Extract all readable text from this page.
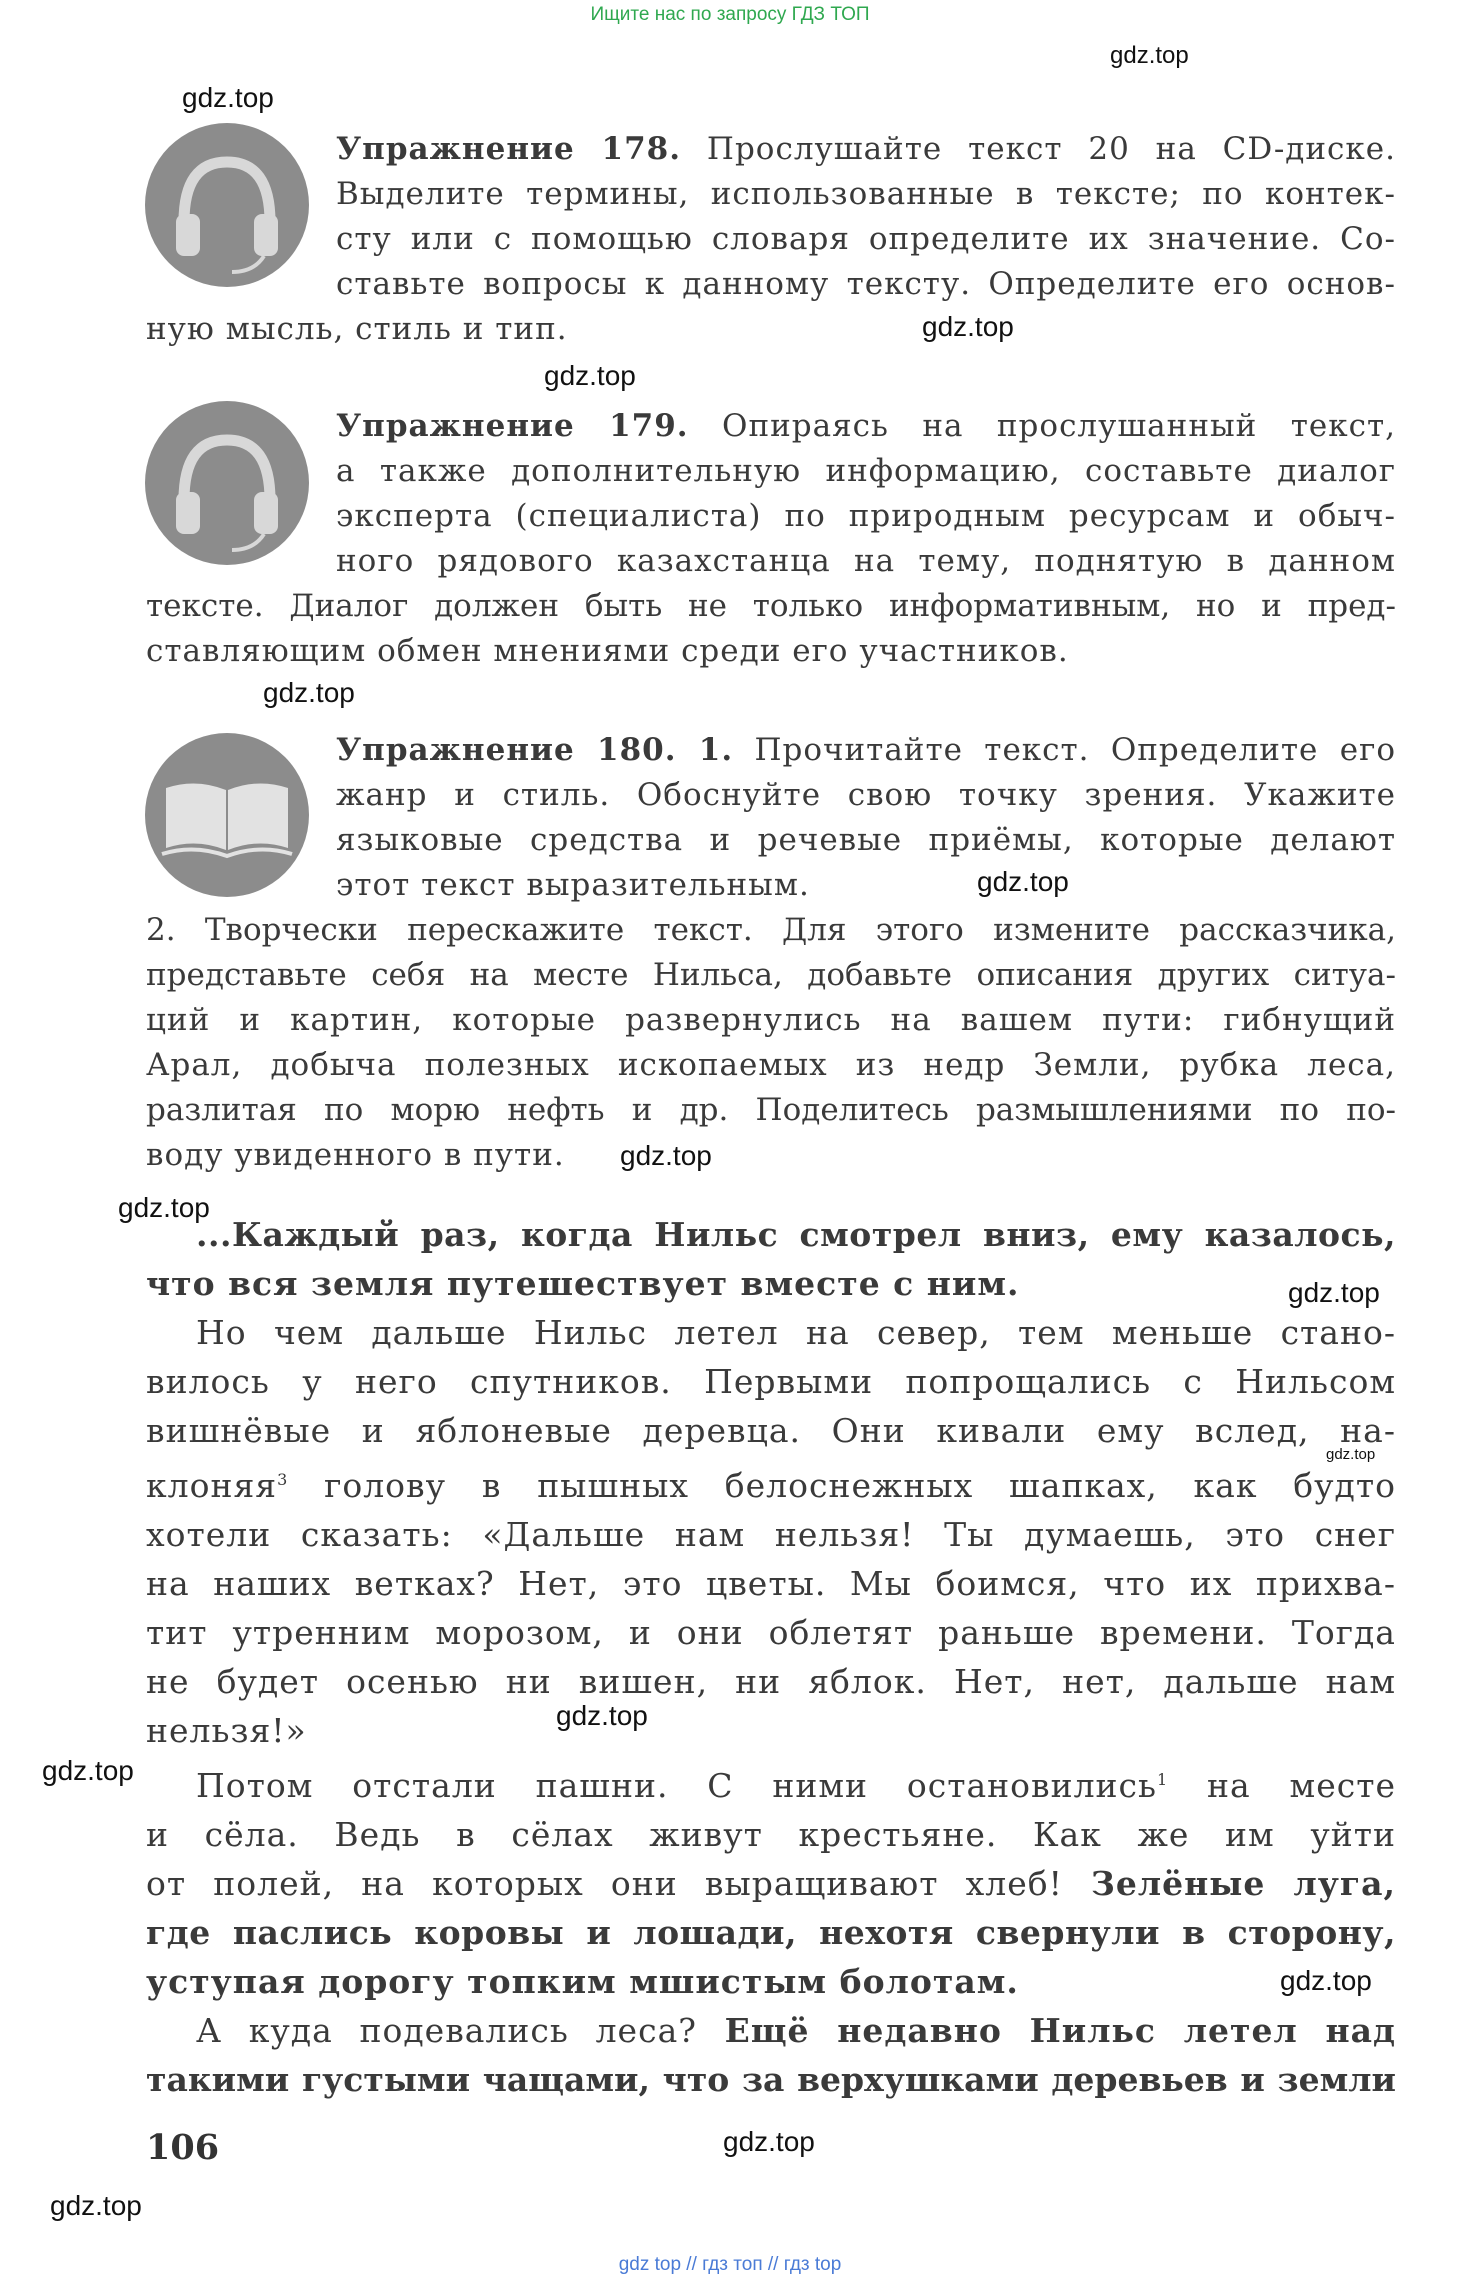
Ищите нас по запросу ГДЗ ТОП
gdz.top
gdz.top
gdz.top
gdz.top
gdz.top
gdz.top
gdz.top
gdz.top
gdz.top
gdz.top
gdz.top
gdz.top
gdz.top
gdz.top
gdz.top
Упражнение 178. Прослушайте текст 20 на CD-диске.
Выделите термины, использованные в тексте; по контек-
сту или с помощью словаря определите их значение. Со-
ставьте вопросы к данному тексту. Определите его основ-
ную мысль, стиль и тип.
Упражнение 179. Опираясь на прослушанный текст,
а также дополнительную информацию, составьте диалог
эксперта (специалиста) по природным ресурсам и обыч-
ного рядового казахстанца на тему, поднятую в данном
тексте. Диалог должен быть не только информативным, но и пред-
ставляющим обмен мнениями среди его участников.
Упражнение 180. 1. Прочитайте текст. Определите его
жанр и стиль. Обоснуйте свою точку зрения. Укажите
языковые средства и речевые приёмы, которые делают
этот текст выразительным.
2. Творчески перескажите текст. Для этого измените рассказчика,
представьте себя на месте Нильса, добавьте описания других ситуа-
ций и картин, которые развернулись на вашем пути: гибнущий
Арал, добыча полезных ископаемых из недр Земли, рубка леса,
разлитая по морю нефть и др. Поделитесь размышлениями по по-
воду увиденного в пути.
...Каждый раз, когда Нильс смотрел вниз, ему казалось,
что вся земля путешествует вместе с ним.
Но чем дальше Нильс летел на север, тем меньше стано-
вилось у него спутников. Первыми попрощались с Нильсом
вишнёвые и яблоневые деревца. Они кивали ему вслед, на-
клоняя$^3$ голову в пышных белоснежных шапках, как будто
хотели сказать: «Дальше нам нельзя! Ты думаешь, это снег
на наших ветках? Нет, это цветы. Мы боимся, что их прихва-
тит утренним морозом, и они облетят раньше времени. Тогда
не будет осенью ни вишен, ни яблок. Нет, нет, дальше нам
нельзя!»
Потом отстали пашни. С ними остановились$^1$ на месте
и сёла. Ведь в сёлах живут крестьяне. Как же им уйти
от полей, на которых они выращивают хлеб! Зелёные луга,
где паслись коровы и лошади, нехотя свернули в сторону,
уступая дорогу топким мшистым болотам.
А куда подевались леса? Ещё недавно Нильс летел над
такими густыми чащами, что за верхушками деревьев и земли
106
gdz top // гдз топ // гдз top
